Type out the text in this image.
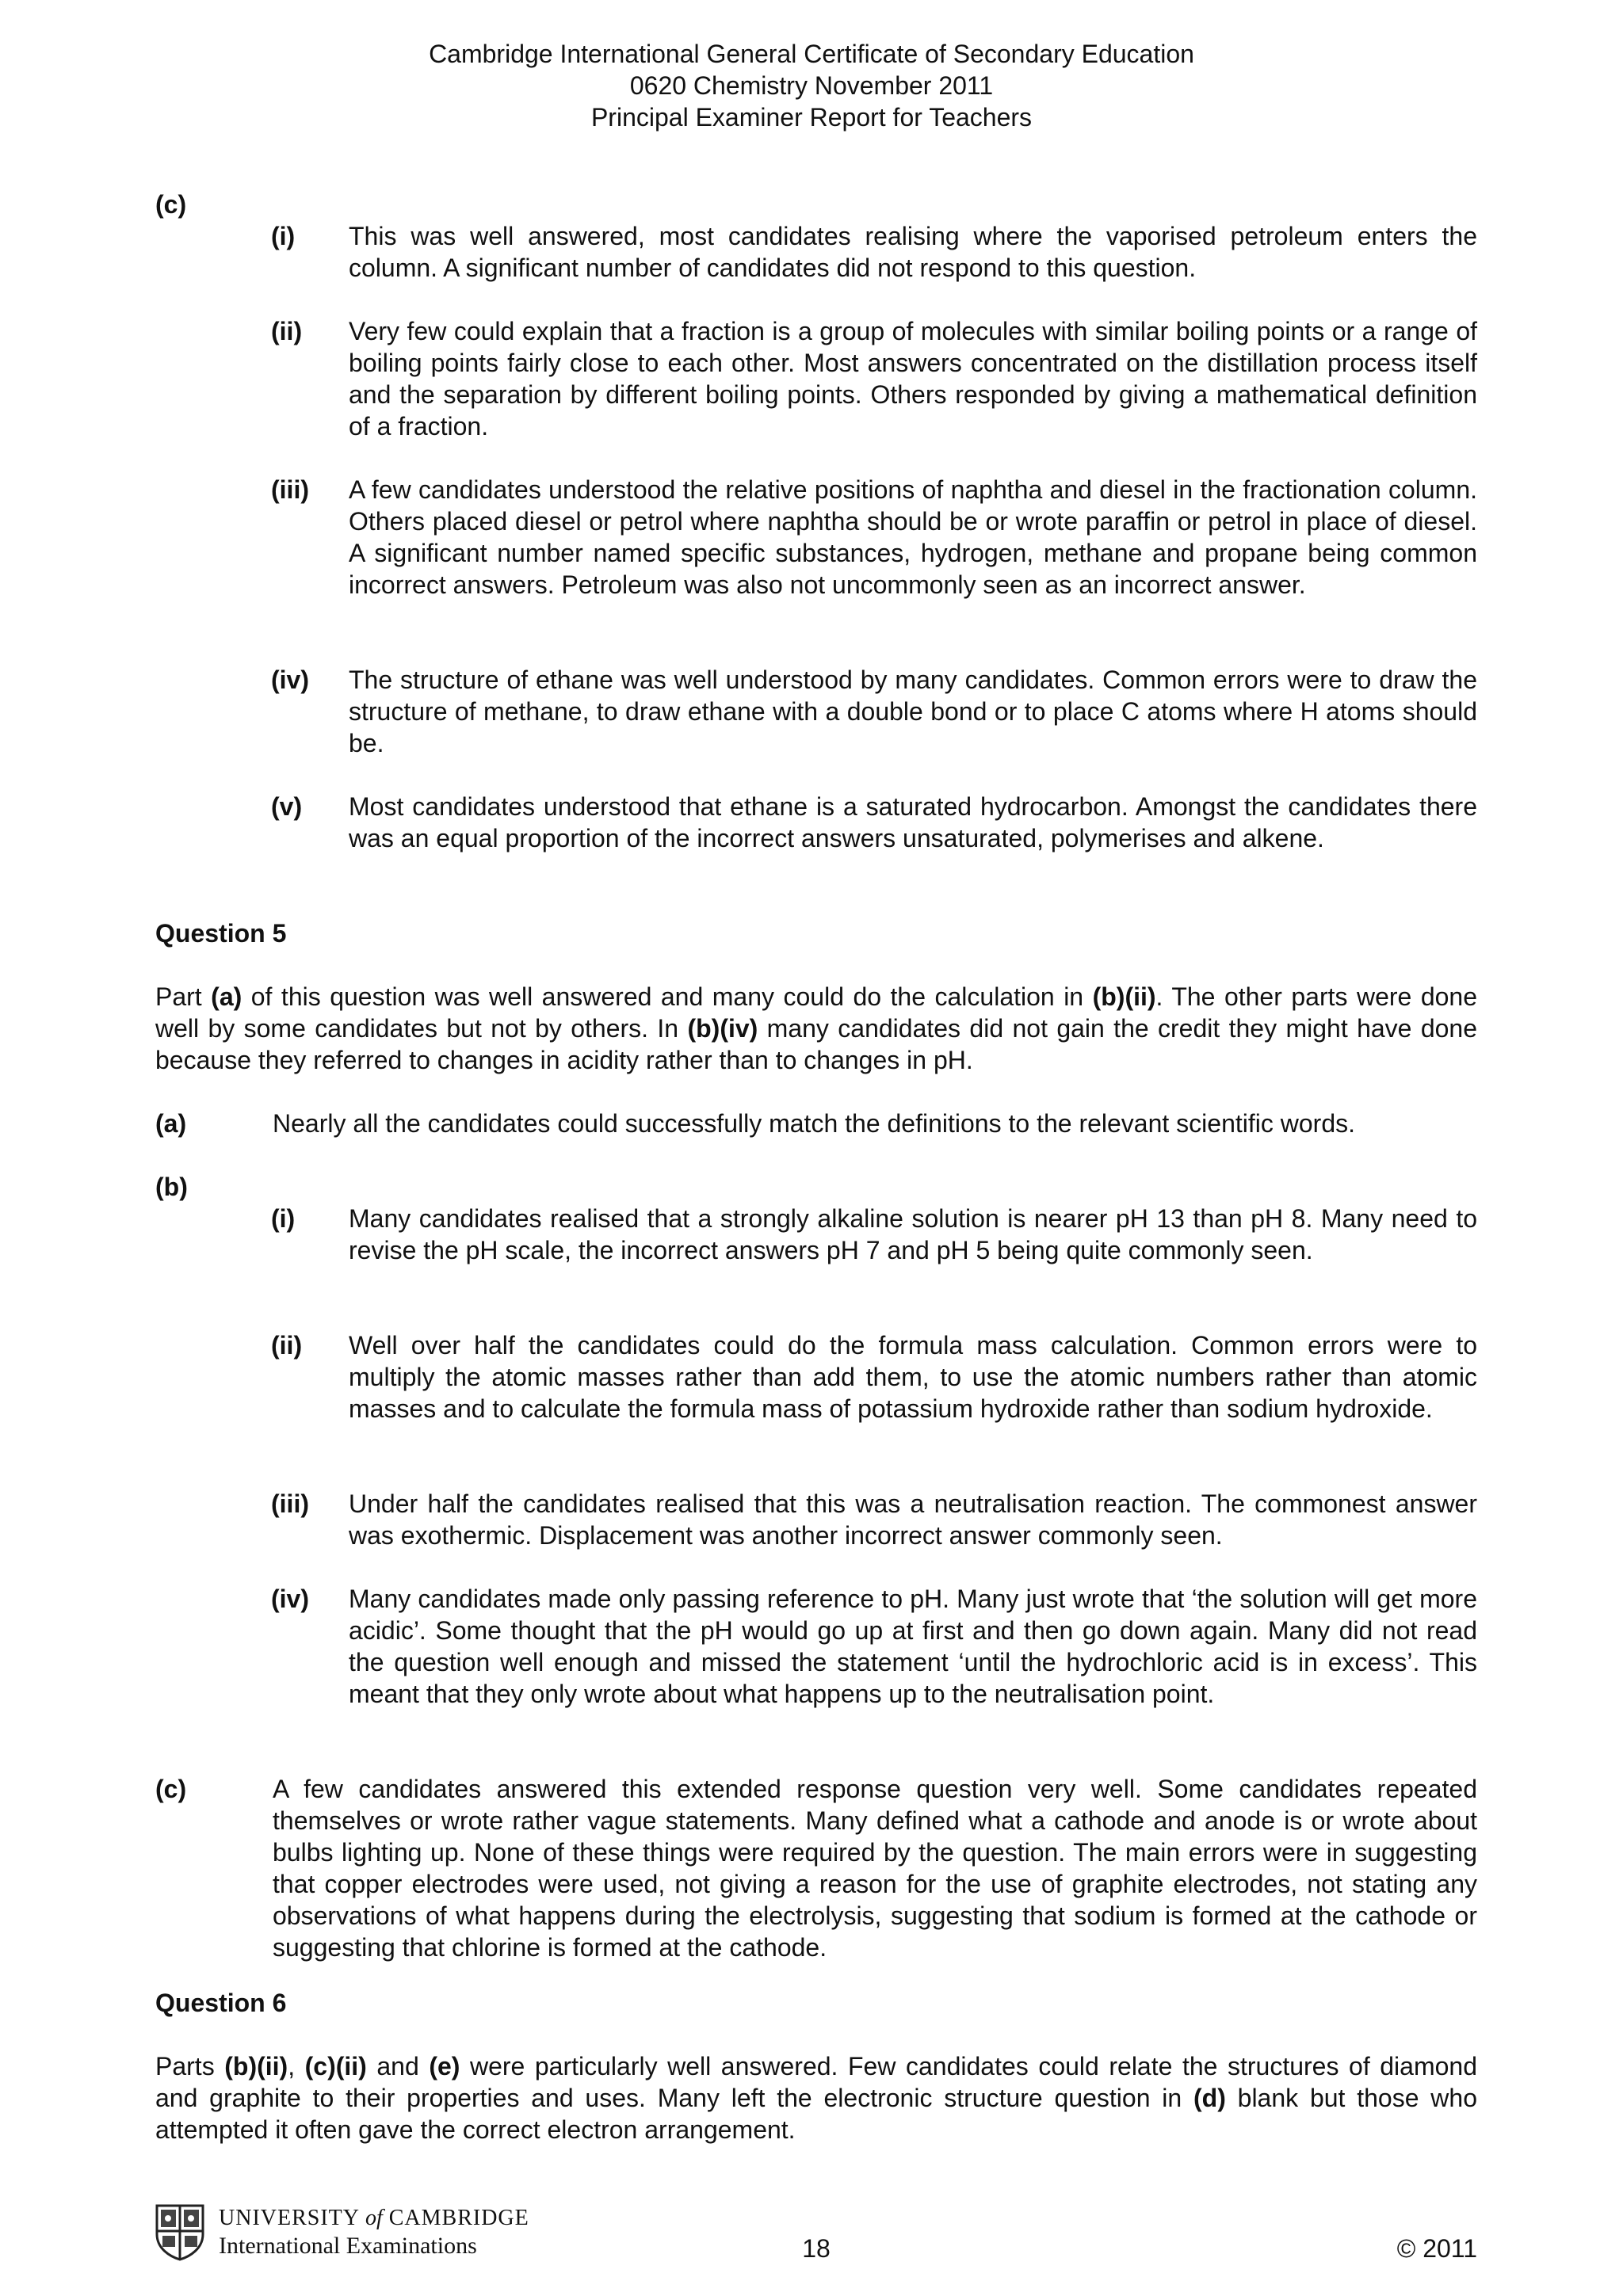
Cambridge International General Certificate of Secondary Education
0620 Chemistry November 2011
Principal Examiner Report for Teachers
(c)
(i) This was well answered, most candidates realising where the vaporised petroleum enters the column. A significant number of candidates did not respond to this question.
(ii) Very few could explain that a fraction is a group of molecules with similar boiling points or a range of boiling points fairly close to each other. Most answers concentrated on the distillation process itself and the separation by different boiling points. Others responded by giving a mathematical definition of a fraction.
(iii) A few candidates understood the relative positions of naphtha and diesel in the fractionation column. Others placed diesel or petrol where naphtha should be or wrote paraffin or petrol in place of diesel. A significant number named specific substances, hydrogen, methane and propane being common incorrect answers. Petroleum was also not uncommonly seen as an incorrect answer.
(iv) The structure of ethane was well understood by many candidates. Common errors were to draw the structure of methane, to draw ethane with a double bond or to place C atoms where H atoms should be.
(v) Most candidates understood that ethane is a saturated hydrocarbon. Amongst the candidates there was an equal proportion of the incorrect answers unsaturated, polymerises and alkene.
Question 5
Part (a) of this question was well answered and many could do the calculation in (b)(ii). The other parts were done well by some candidates but not by others. In (b)(iv) many candidates did not gain the credit they might have done because they referred to changes in acidity rather than to changes in pH.
(a)	Nearly all the candidates could successfully match the definitions to the relevant scientific words.
(b)
(i) Many candidates realised that a strongly alkaline solution is nearer pH 13 than pH 8. Many need to revise the pH scale, the incorrect answers pH 7 and pH 5 being quite commonly seen.
(ii) Well over half the candidates could do the formula mass calculation. Common errors were to multiply the atomic masses rather than add them, to use the atomic numbers rather than atomic masses and to calculate the formula mass of potassium hydroxide rather than sodium hydroxide.
(iii) Under half the candidates realised that this was a neutralisation reaction. The commonest answer was exothermic. Displacement was another incorrect answer commonly seen.
(iv) Many candidates made only passing reference to pH. Many just wrote that ‘the solution will get more acidic’. Some thought that the pH would go up at first and then go down again. Many did not read the question well enough and missed the statement ‘until the hydrochloric acid is in excess’. This meant that they only wrote about what happens up to the neutralisation point.
(c)	A few candidates answered this extended response question very well. Some candidates repeated themselves or wrote rather vague statements. Many defined what a cathode and anode is or wrote about bulbs lighting up. None of these things were required by the question. The main errors were in suggesting that copper electrodes were used, not giving a reason for the use of graphite electrodes, not stating any observations of what happens during the electrolysis, suggesting that sodium is formed at the cathode or suggesting that chlorine is formed at the cathode.
Question 6
Parts (b)(ii), (c)(ii) and (e) were particularly well answered. Few candidates could relate the structures of diamond and graphite to their properties and uses. Many left the electronic structure question in (d) blank but those who attempted it often gave the correct electron arrangement.
UNIVERSITY of CAMBRIDGE
International Examinations	18	© 2011
